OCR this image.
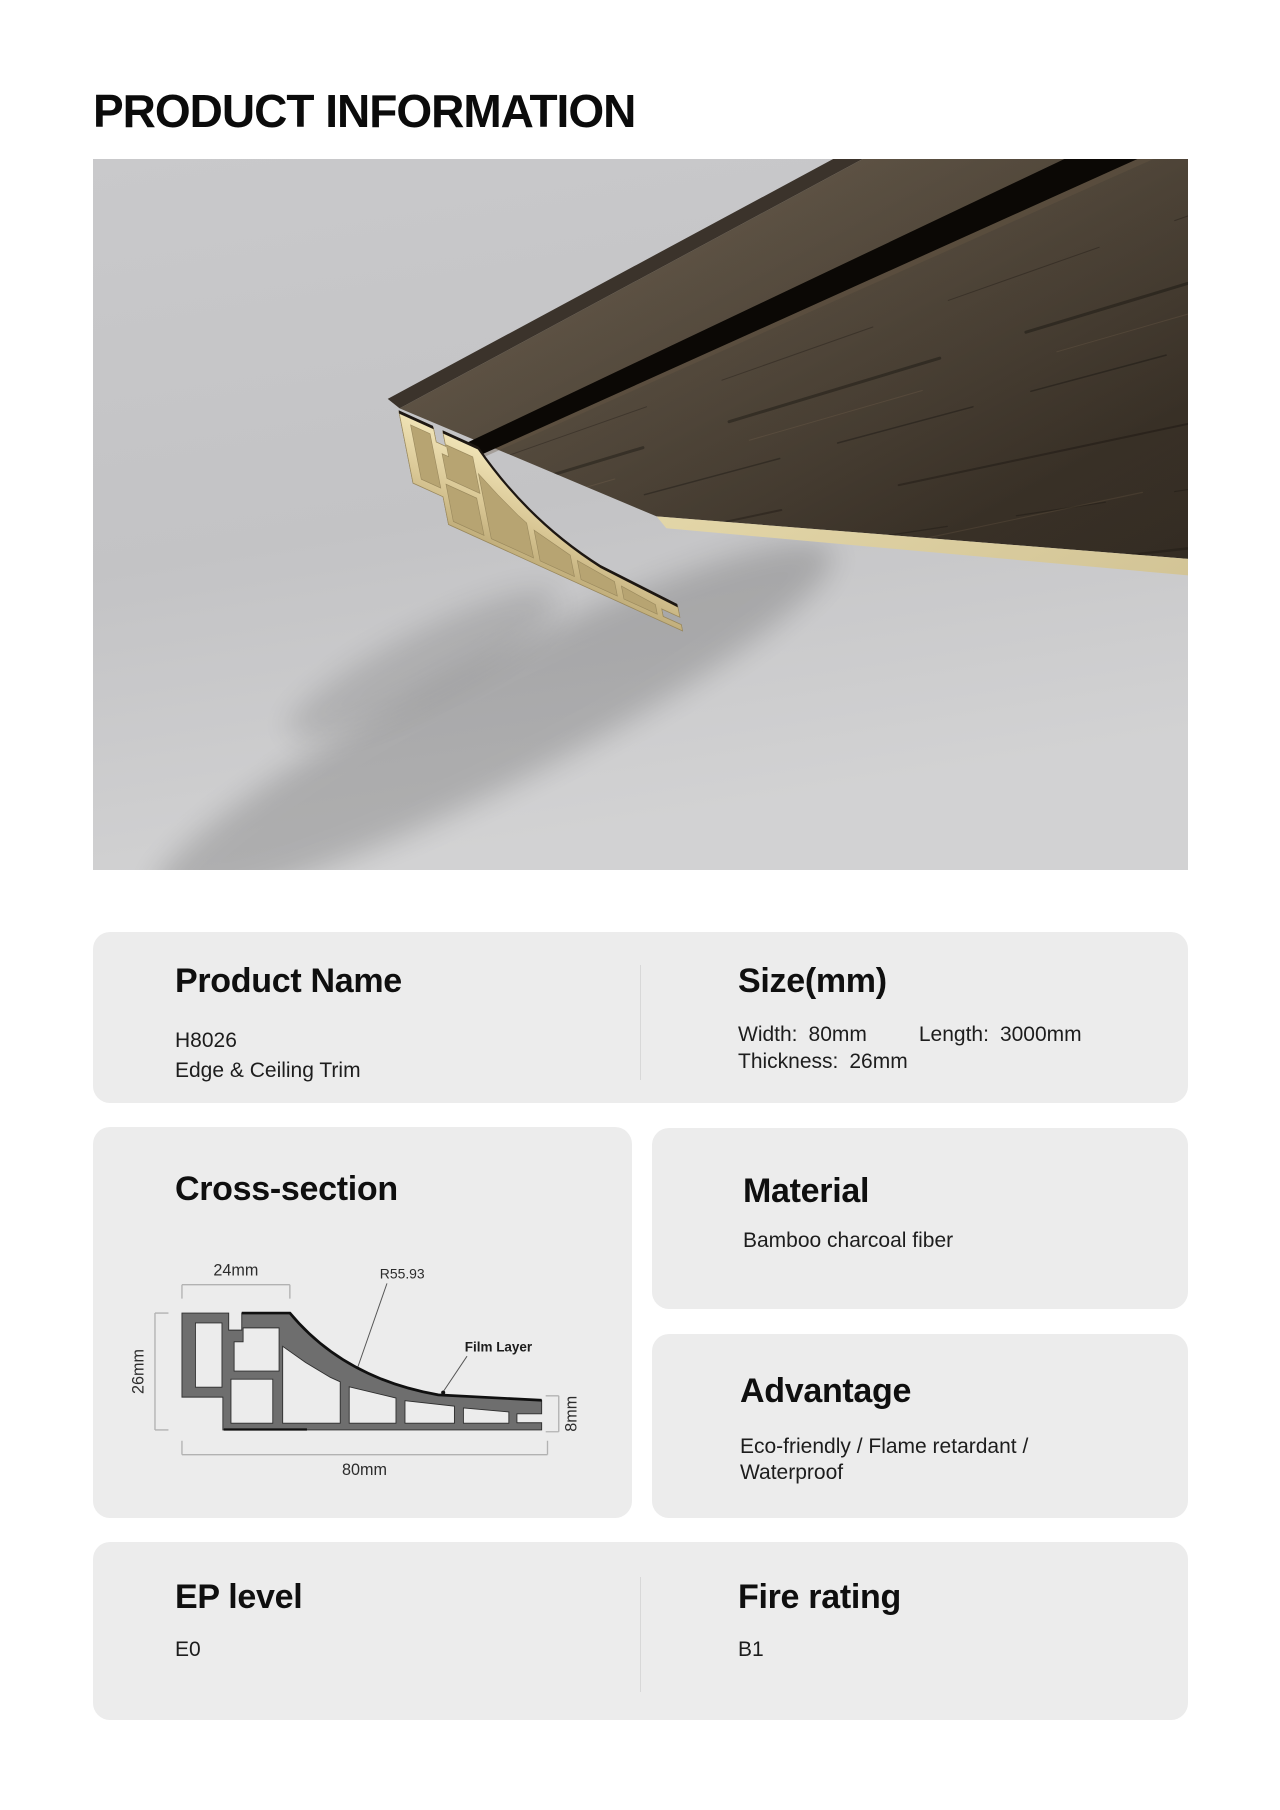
PRODUCT INFORMATION
Product Name
H8026
Edge & Ceiling Trim
Size(mm)
Width: 80mm Length: 3000mm
Thickness: 26mm
Cross-section
24mm	R55.93
Film Layer
26mm
8mm
80mm
Material
Bamboo charcoal fiber
Advantage
Eco-friendly / Flame retardant /
Waterproof
EP level
E0
Fire rating
B1
